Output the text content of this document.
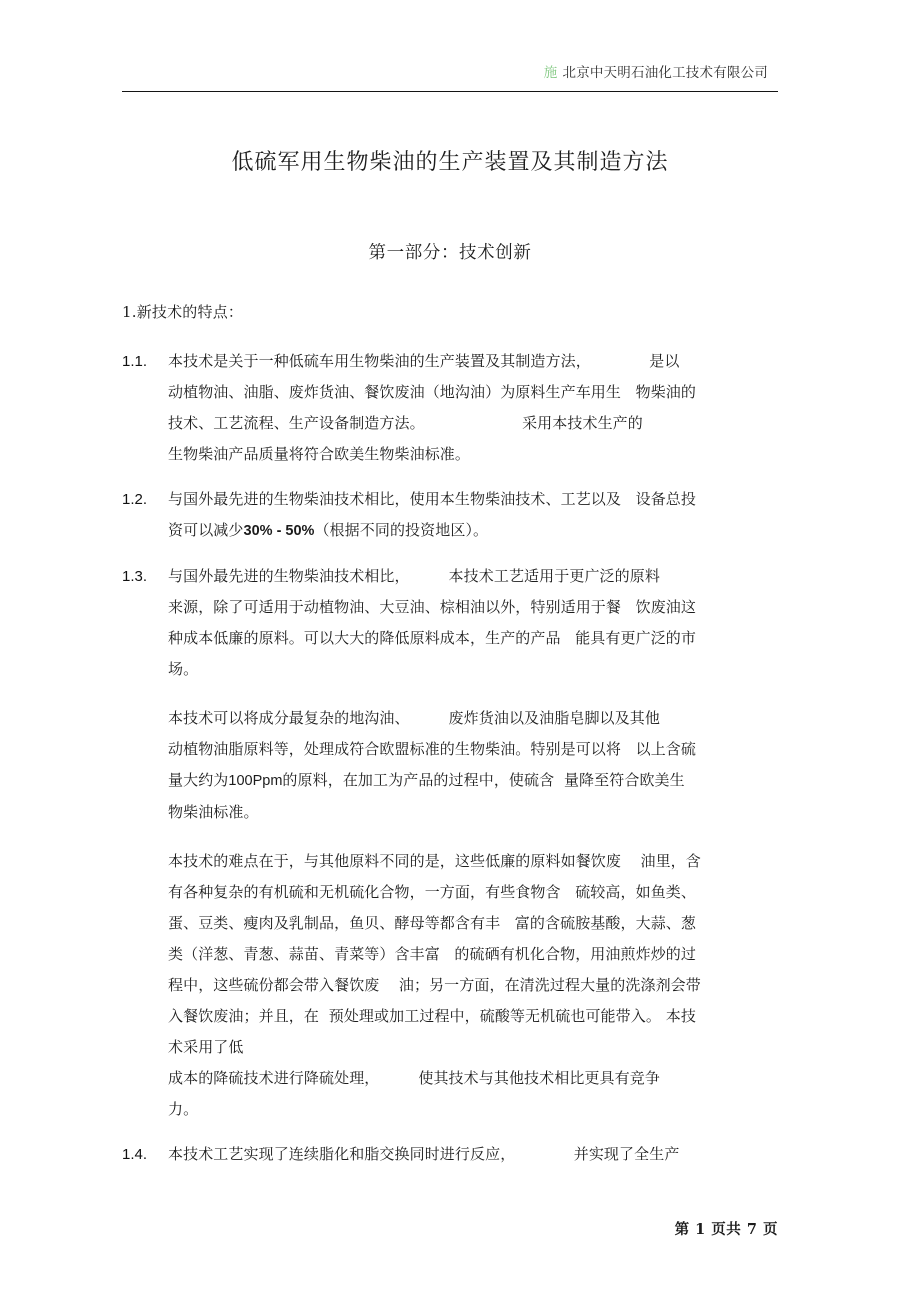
施 北京中天明石油化工技术有限公司
低硫军用生物柴油的生产装置及其制造方法
第一部分：技术创新

1.新技术的特点：

1.1.	本技术是关于一种低硫车用生物柴油的生产装置及其制造方法，            是以
动植物油、油脂、废炸货油、餐饮废油（地沟油）为原料生产车用生   物柴油的
技术、工艺流程、生产设备制造方法。                    采用本技术生产的
生物柴油产品质量将符合欧美生物柴油标准。
1.2.	与国外最先进的生物柴油技术相比，使用本生物柴油技术、工艺以及   设备总投
资可以减少30% - 50%（根据不同的投资地区）。
1.3.	与国外最先进的生物柴油技术相比，        本技术工艺适用于更广泛的原料
来源，除了可适用于动植物油、大豆油、棕相油以外，特别适用于餐   饮废油这
种成本低廉的原料。可以大大的降低原料成本，生产的产品   能具有更广泛的市
场。
本技术可以将成分最复杂的地沟油、        废炸货油以及油脂皂脚以及其他
动植物油脂原料等，处理成符合欧盟标准的生物柴油。特别是可以将   以上含硫
量大约为100Ppm的原料，在加工为产品的过程中，使硫含  量降至符合欧美生
物柴油标准。
本技术的难点在于，与其他原料不同的是，这些低廉的原料如餐饮废    油里，含
有各种复杂的有机硫和无机硫化合物，一方面，有些食物含   硫较高，如鱼类、
蛋、豆类、瘦肉及乳制品，鱼贝、酵母等都含有丰   富的含硫胺基酸，大蒜、葱
类（洋葱、青葱、蒜苗、青菜等）含丰富   的硫硒有机化合物，用油煎炸炒的过
程中，这些硫份都会带入餐饮废    油；另一方面，在清洗过程大量的洗涤剂会带
入餐饮废油；并且，在  预处理或加工过程中，硫酸等无机硫也可能带入。 本技
术采用了低
成本的降硫技术进行降硫处理，        使其技术与其他技术相比更具有竞争
力。
1.4.	本技术工艺实现了连续脂化和脂交换同时进行反应，            并实现了全生产
第 1 页共 7 页
